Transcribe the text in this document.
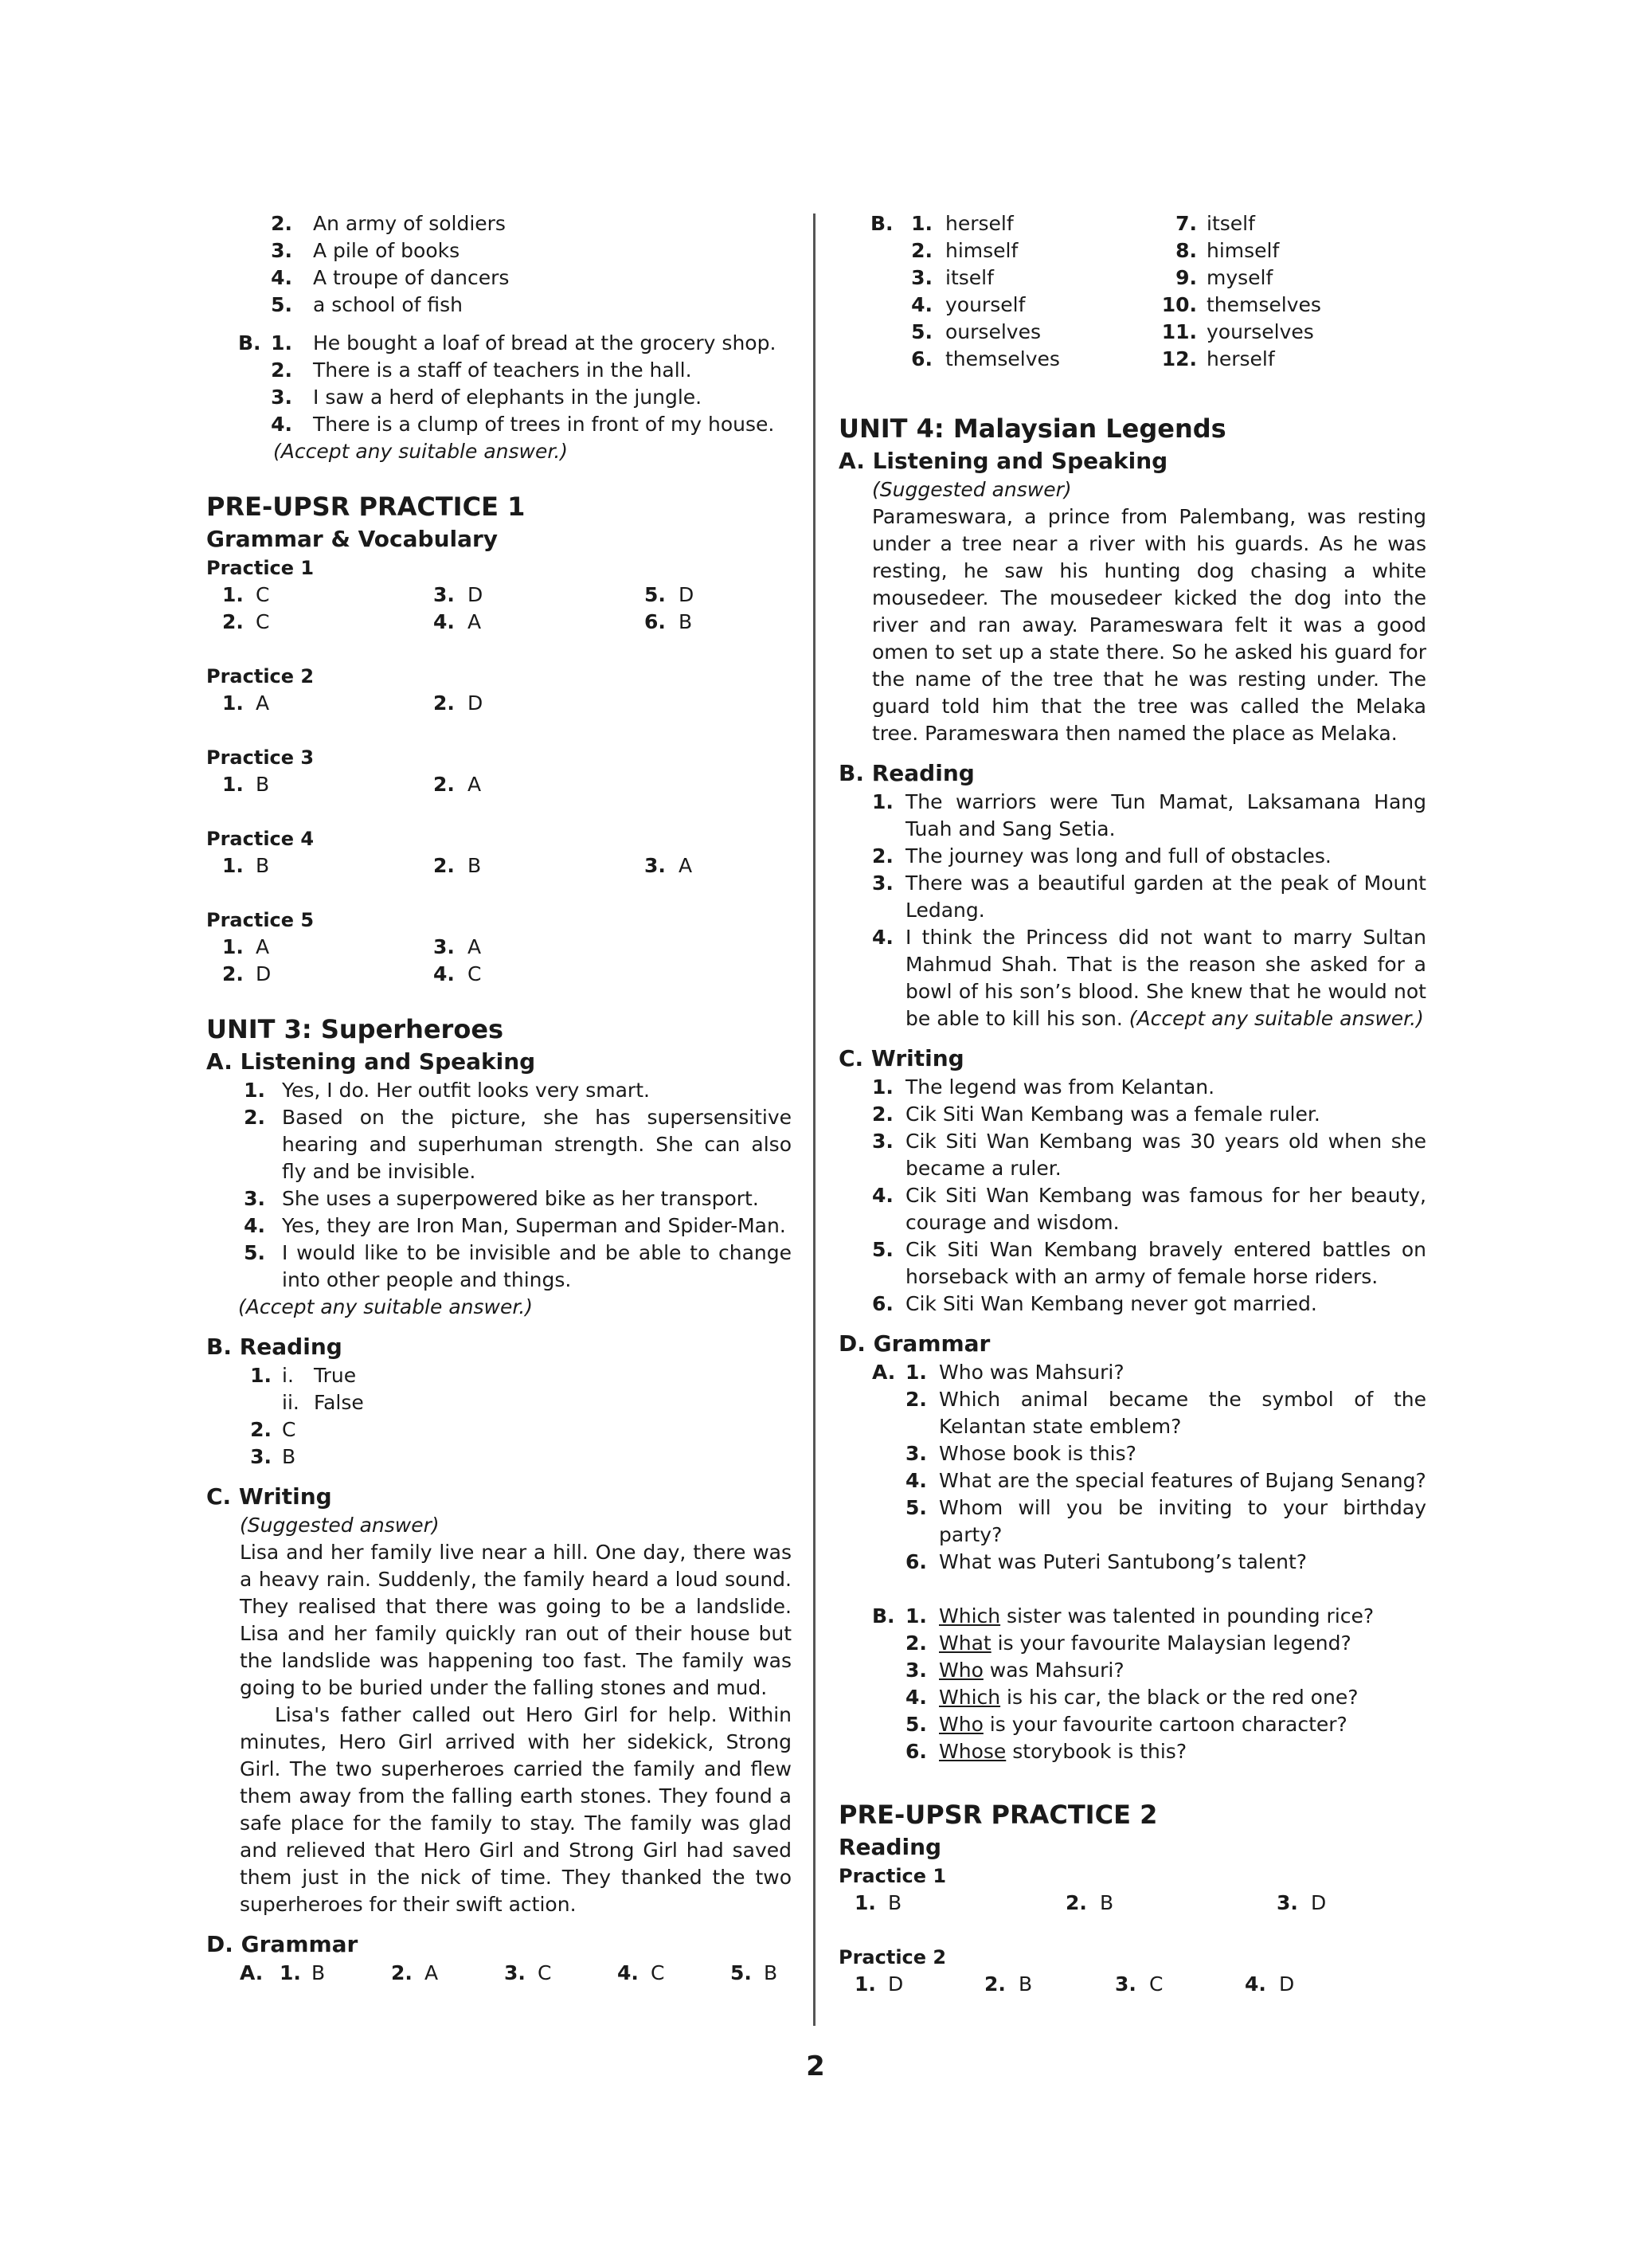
2. An army of soldiers
3. A pile of books
4. A troupe of dancers
5. a school of fish
B. 1. He bought a loaf of bread at the grocery shop.
2. There is a staff of teachers in the hall.
3. I saw a herd of elephants in the jungle.
4. There is a clump of trees in front of my house.
(Accept any suitable answer.)
PRE-UPSR PRACTICE 1
Grammar & Vocabulary
Practice 1
1. C	3. D	5. D
2. C	4. A	6. B
Practice 2
1. A	2. D
Practice 3
1. B	2. A
Practice 4
1. B	2. B	3. A
Practice 5
1. A	3. A
2. D	4. C
UNIT 3: Superheroes
A. Listening and Speaking
1. Yes, I do. Her outfit looks very smart.
2. Based on the picture, she has supersensitive hearing and superhuman strength. She can also fly and be invisible.
3. She uses a superpowered bike as her transport.
4. Yes, they are Iron Man, Superman and Spider-Man.
5. I would like to be invisible and be able to change into other people and things.
(Accept any suitable answer.)
B. Reading
1. i. True
ii. False
2. C
3. B
C. Writing
(Suggested answer)
Lisa and her family live near a hill. One day, there was a heavy rain. Suddenly, the family heard a loud sound. They realised that there was going to be a landslide. Lisa and her family quickly ran out of their house but the landslide was happening too fast. The family was going to be buried under the falling stones and mud.
Lisa's father called out Hero Girl for help. Within minutes, Hero Girl arrived with her sidekick, Strong Girl. The two superheroes carried the family and flew them away from the falling earth stones. They found a safe place for the family to stay. The family was glad and relieved that Hero Girl and Strong Girl had saved them just in the nick of time. They thanked the two superheroes for their swift action.
D. Grammar
A. 1. B	2. A	3. C	4. C	5. B
B. 1. herself	7. itself
2. himself	8. himself
3. itself	9. myself
4. yourself	10. themselves
5. ourselves	11. yourselves
6. themselves	12. herself
UNIT 4: Malaysian Legends
A. Listening and Speaking
(Suggested answer)
Parameswara, a prince from Palembang, was resting under a tree near a river with his guards. As he was resting, he saw his hunting dog chasing a white mousedeer. The mousedeer kicked the dog into the river and ran away. Parameswara felt it was a good omen to set up a state there. So he asked his guard for the name of the tree that he was resting under. The guard told him that the tree was called the Melaka tree. Parameswara then named the place as Melaka.
B. Reading
1. The warriors were Tun Mamat, Laksamana Hang Tuah and Sang Setia.
2. The journey was long and full of obstacles.
3. There was a beautiful garden at the peak of Mount Ledang.
4. I think the Princess did not want to marry Sultan Mahmud Shah. That is the reason she asked for a bowl of his son’s blood. She knew that he would not be able to kill his son. (Accept any suitable answer.)
C. Writing
1. The legend was from Kelantan.
2. Cik Siti Wan Kembang was a female ruler.
3. Cik Siti Wan Kembang was 30 years old when she became a ruler.
4. Cik Siti Wan Kembang was famous for her beauty, courage and wisdom.
5. Cik Siti Wan Kembang bravely entered battles on horseback with an army of female horse riders.
6. Cik Siti Wan Kembang never got married.
D. Grammar
A. 1. Who was Mahsuri?
2. Which animal became the symbol of the Kelantan state emblem?
3. Whose book is this?
4. What are the special features of Bujang Senang?
5. Whom will you be inviting to your birthday party?
6. What was Puteri Santubong’s talent?
B. 1. Which sister was talented in pounding rice?
2. What is your favourite Malaysian legend?
3. Who was Mahsuri?
4. Which is his car, the black or the red one?
5. Who is your favourite cartoon character?
6. Whose storybook is this?
PRE-UPSR PRACTICE 2
Reading
Practice 1
1. B	2. B	3. D
Practice 2
1. D	2. B	3. C	4. D
2
